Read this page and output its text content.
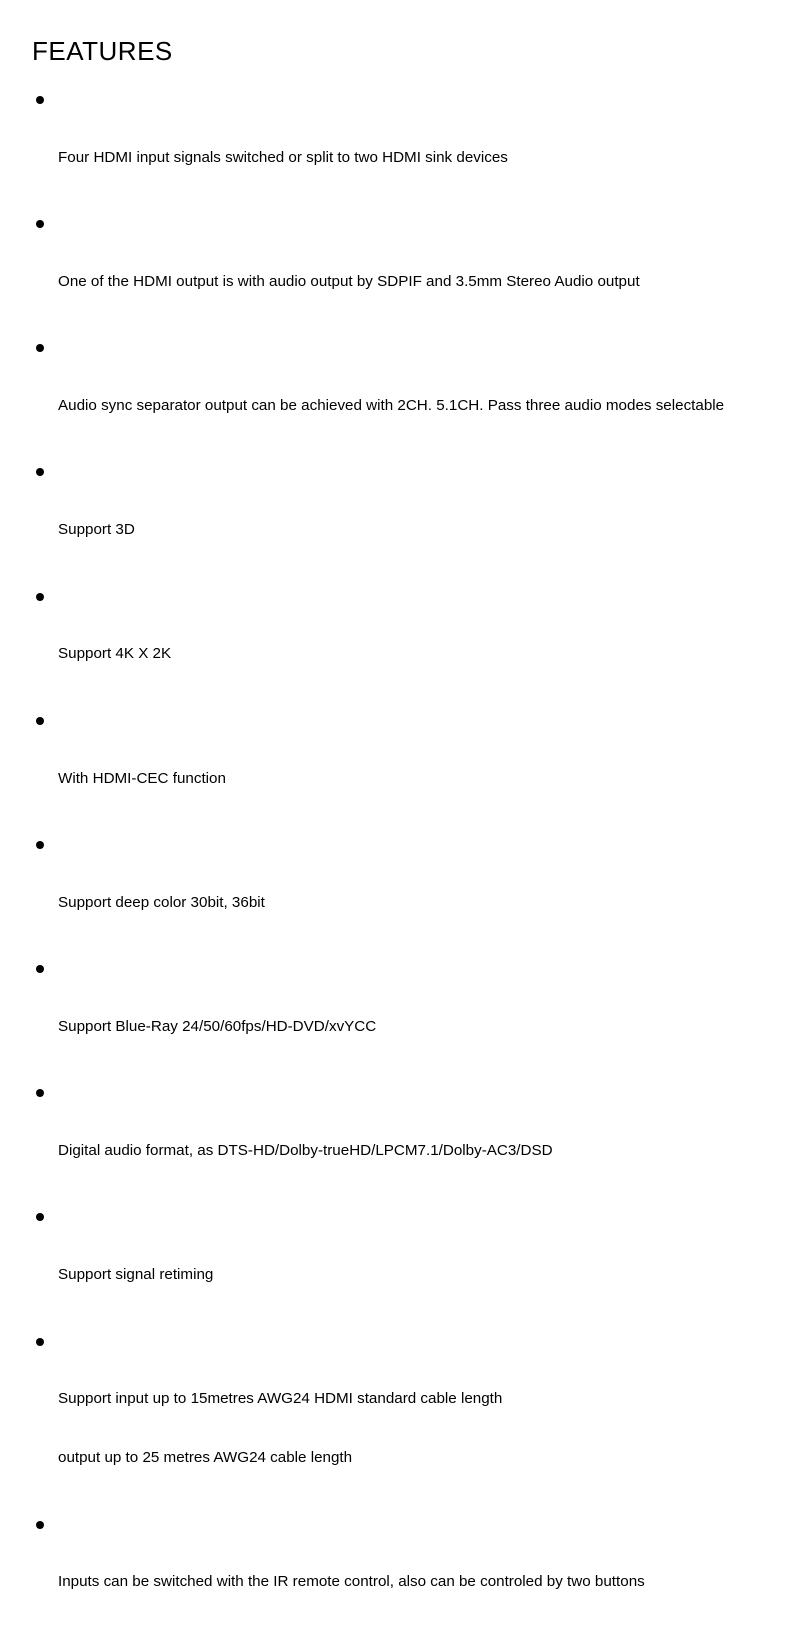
FEATURES

Four HDMI input signals switched or split to two HDMI sink devices

One of the HDMI output is with audio output by SDPIF and 3.5mm Stereo Audio output

Audio sync separator output can be achieved with 2CH. 5.1CH. Pass three audio modes selectable

Support 3D

Support 4K X 2K

With HDMI-CEC function

Support deep color 30bit, 36bit

Support Blue-Ray 24/50/60fps/HD-DVD/xvYCC

Digital audio format, as DTS-HD/Dolby-trueHD/LPCM7.1/Dolby-AC3/DSD

Support signal retiming

Support input up to 15metres AWG24 HDMI standard cable length

output up to 25 metres AWG24 cable length

Inputs can be switched with the IR remote control, also can be controled by two buttons
